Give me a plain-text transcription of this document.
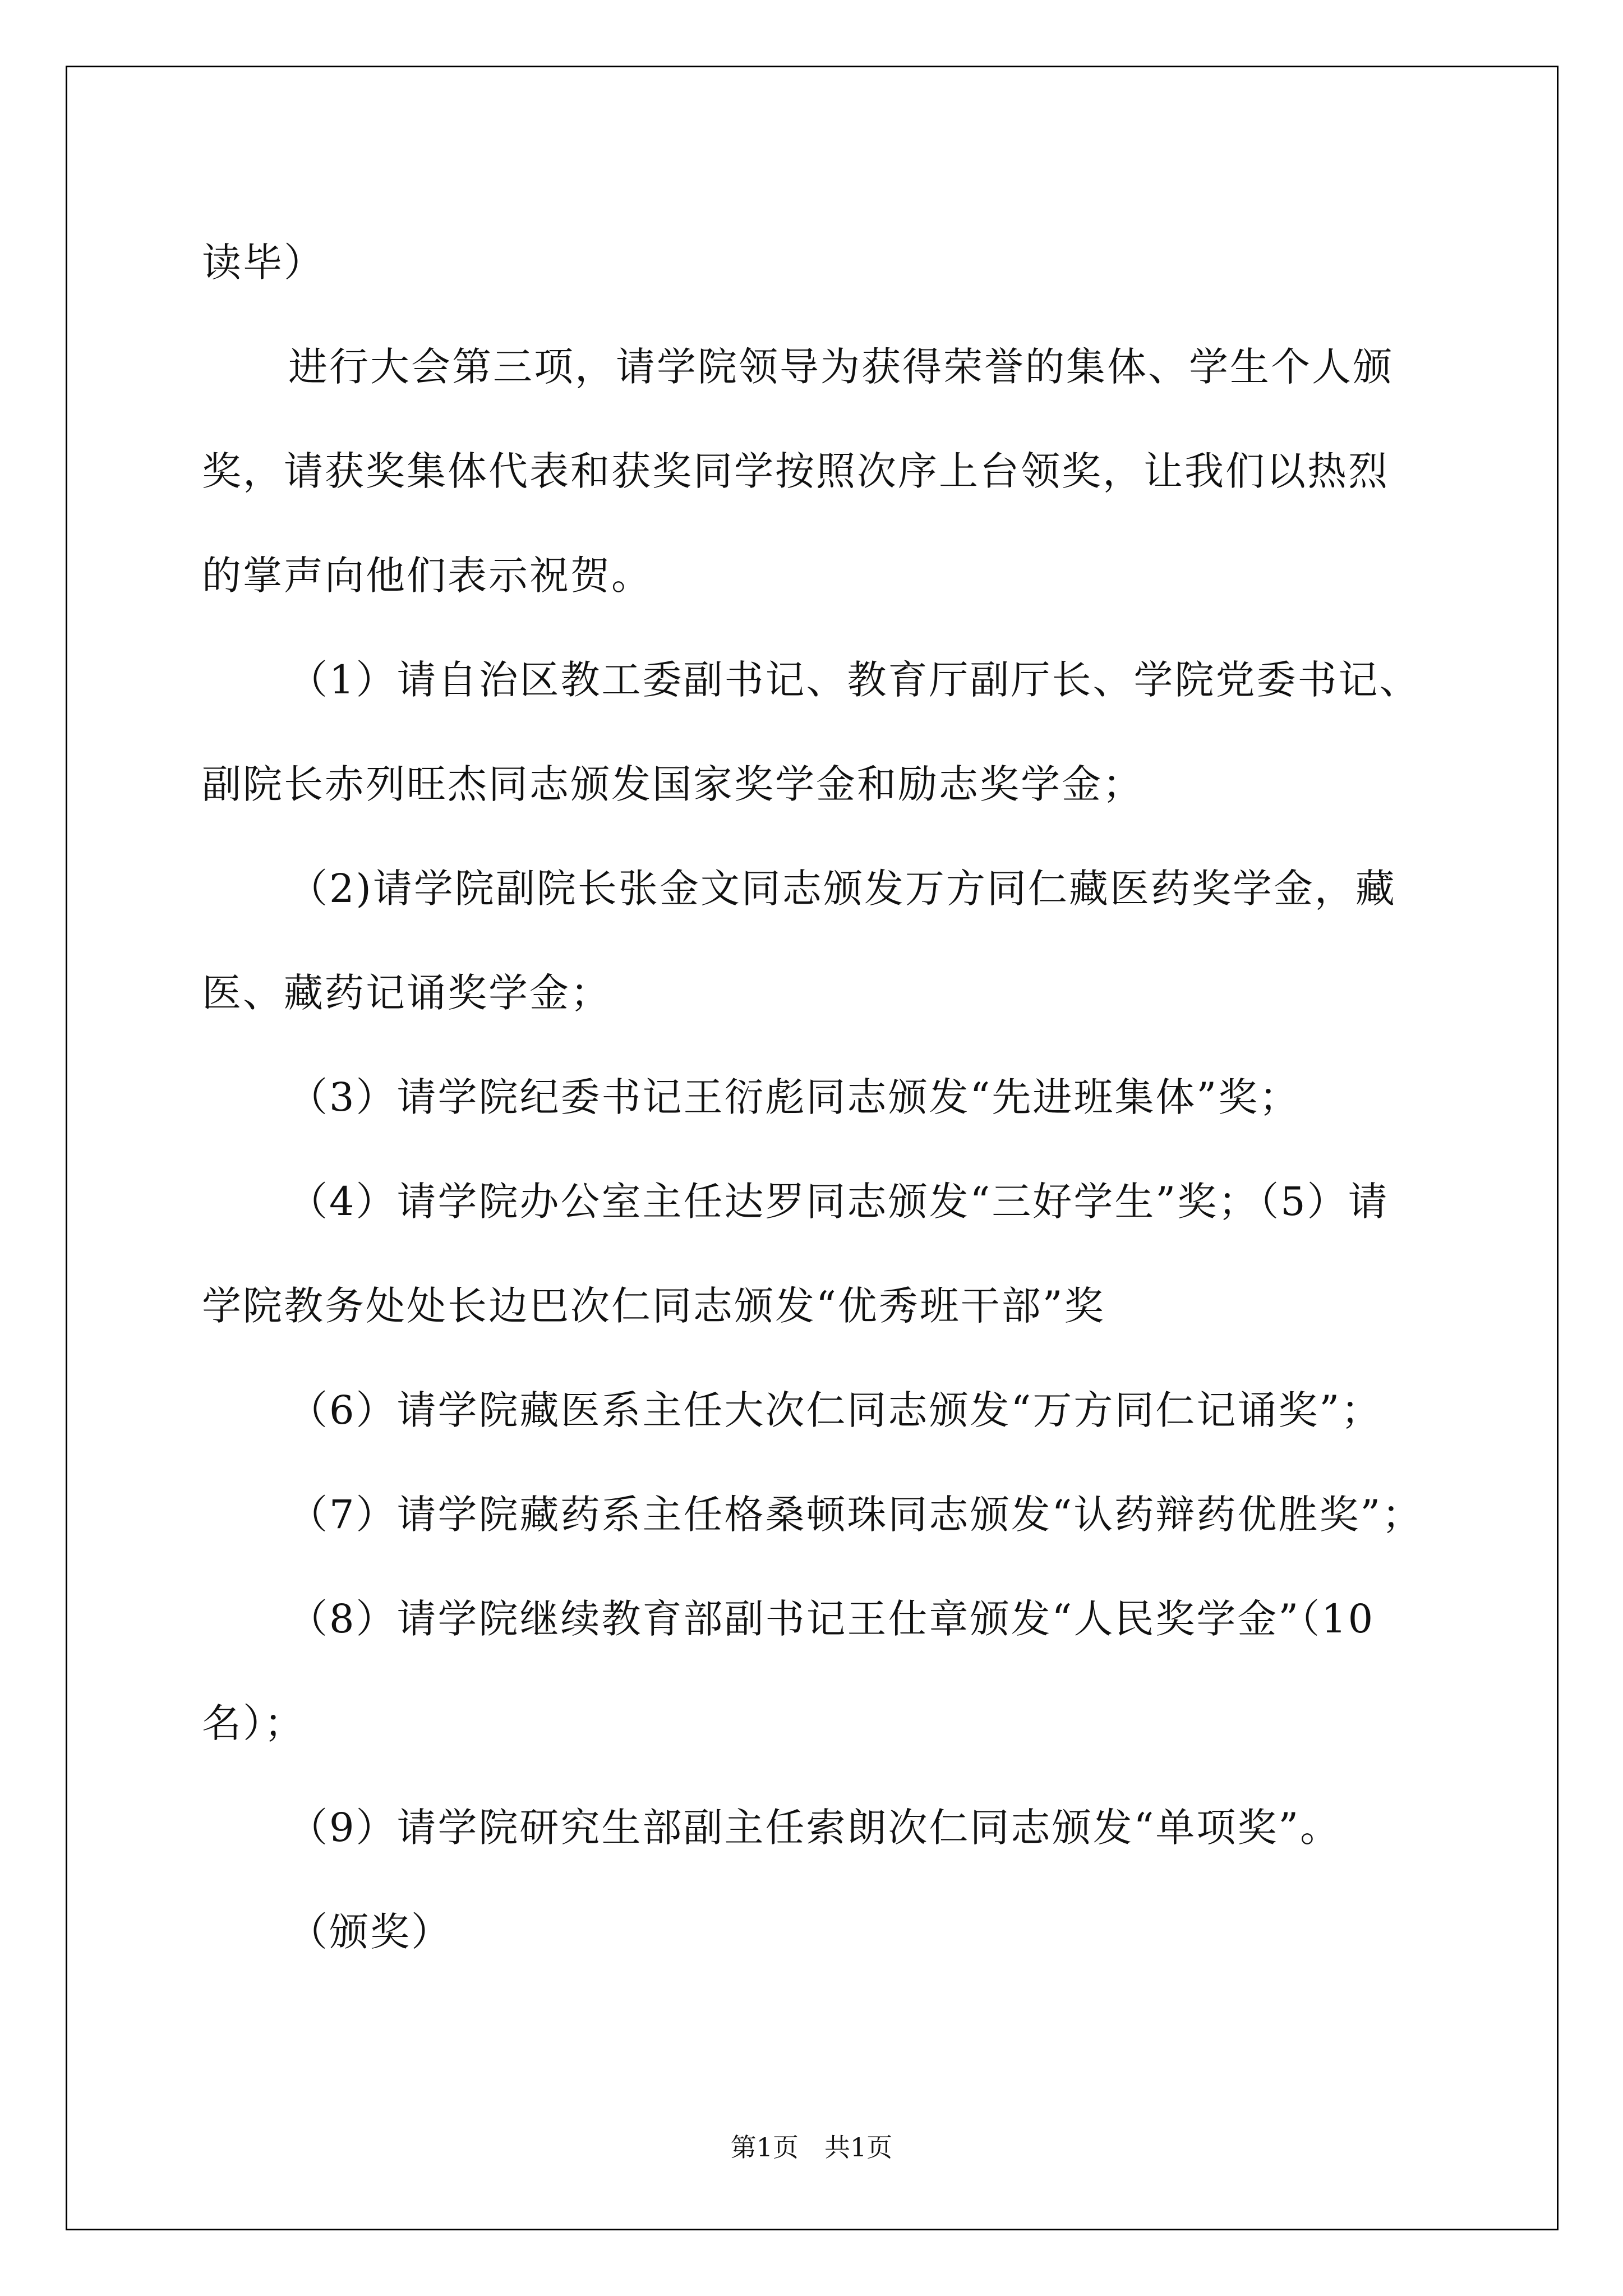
读毕）

进行大会第三项，请学院领导为获得荣誉的集体、学生个人颁奖，请获奖集体代表和获奖同学按照次序上台领奖，让我们以热烈的掌声向他们表示祝贺。

（1）请自治区教工委副书记、教育厅副厅长、学院党委书记、副院长赤列旺杰同志颁发国家奖学金和励志奖学金；

（2)请学院副院长张金文同志颁发万方同仁藏医药奖学金，藏医、藏药记诵奖学金；

（3）请学院纪委书记王衍彪同志颁发“先进班集体”奖；

（4）请学院办公室主任达罗同志颁发“三好学生”奖；（5）请学院教务处处长边巴次仁同志颁发“优秀班干部”奖

（6）请学院藏医系主任大次仁同志颁发“万方同仁记诵奖”；

（7）请学院藏药系主任格桑顿珠同志颁发“认药辩药优胜奖”；

（8）请学院继续教育部副书记王仕章颁发“人民奖学金”（10名）；

（9）请学院研究生部副主任索朗次仁同志颁发“单项奖”。

（颁奖）

第1页　共1页
